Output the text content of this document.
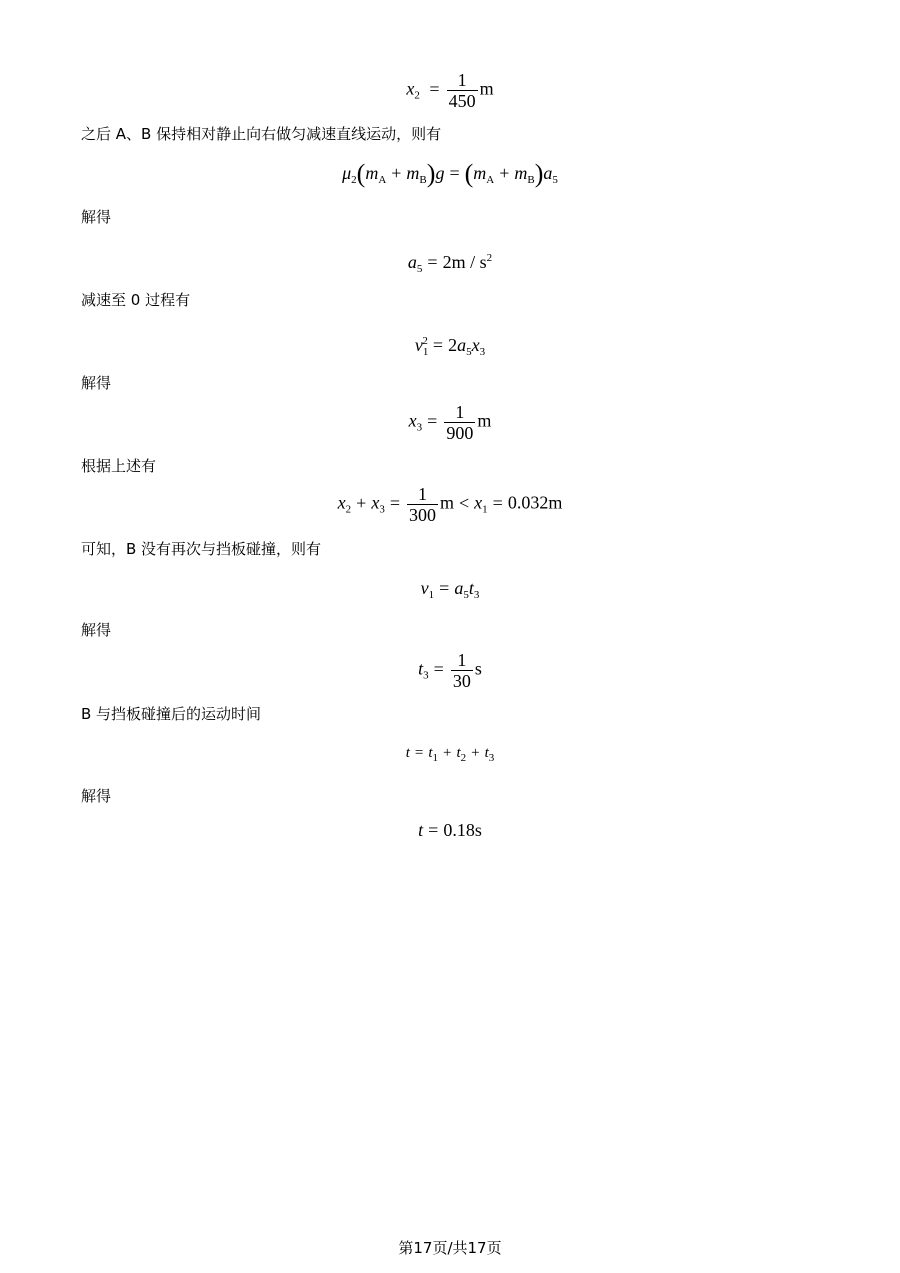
$x_2 = \frac{1}{450}$ m
之后 A、B 保持相对静止向右做匀减速直线运动，则有
$\mu_2(m_A + m_B)g = (m_A + m_B)a_5$
解得
$a_5 = 2m / s^2$
减速至 0 过程有
$v_1^2 = 2a_5x_3$
解得
$x_3 = \frac{1}{900}$ m
根据上述有
$x_2 + x_3 = \frac{1}{300}$ $m < x_1 = 0.032m$
可知，B 没有再次与挡板碰撞，则有
$v_1 = a_5t_3$
解得
$t_3 = \frac{1}{30}$ s
B 与挡板碰撞后的运动时间
$t = t_1 + t_2 + t_3$
解得
t = 0.18s
第17页/共17页
